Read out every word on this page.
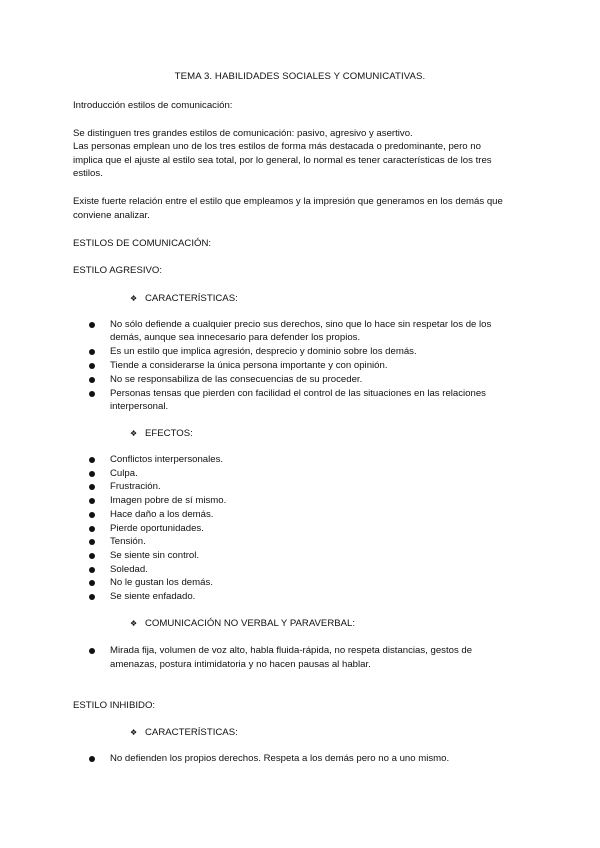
TEMA 3. HABILIDADES SOCIALES Y COMUNICATIVAS.
Introducción estilos de comunicación:
Se distinguen tres grandes estilos de comunicación: pasivo, agresivo y asertivo.
Las personas emplean uno de los tres estilos de forma más destacada o predominante, pero no
implica que el ajuste al estilo sea total, por lo general, lo normal es tener características de los tres
estilos.
Existe fuerte relación entre el estilo que empleamos y la impresión que generamos en los demás que
conviene analizar.
ESTILOS DE COMUNICACIÓN:
ESTILO AGRESIVO:
❖ CARACTERÍSTICAS:
No sólo defiende a cualquier precio sus derechos, sino que lo hace sin respetar los de los
demás, aunque sea innecesario para defender los propios.
Es un estilo que implica agresión, desprecio y dominio sobre los demás.
Tiende a considerarse la única persona importante y con opinión.
No se responsabiliza de las consecuencias de su proceder.
Personas tensas que pierden con facilidad el control de las situaciones en las relaciones
interpersonal.
❖ EFECTOS:
Conflictos interpersonales.
Culpa.
Frustración.
Imagen pobre de sí mismo.
Hace daño a los demás.
Pierde oportunidades.
Tensión.
Se siente sin control.
Soledad.
No le gustan los demás.
Se siente enfadado.
❖ COMUNICACIÓN NO VERBAL Y PARAVERBAL:
Mirada fija, volumen de voz alto, habla fluida-rápida, no respeta distancias, gestos de
amenazas, postura intimidatoria y no hacen pausas al hablar.
ESTILO INHIBIDO:
❖ CARACTERÍSTICAS:
No defienden los propios derechos. Respeta a los demás pero no a uno mismo.
